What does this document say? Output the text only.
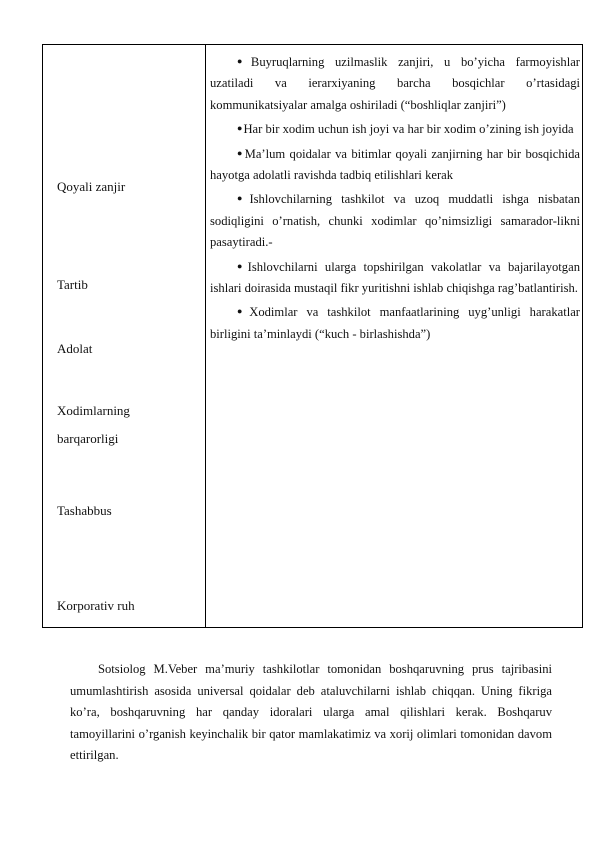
Qoyali zanjir
Tartib
Adolat
Xodimlarning
barqarorligi
Tashabbus
Korporativ ruh

●Buyruqlarning uzilmaslik zanjiri, u bo’yicha farmoyishlar uzatiladi va ierarxiyaning barcha bosqichlar o’rtasidagi kommunikatsiyalar amalga oshiriladi (“boshliqlar zanjiri”)

●Har bir xodim uchun ish joyi va har bir xodim o’zining ish joyida

●Ma’lum qoidalar va bitimlar qoyali zanjirning har bir bosqichida hayotga adolatli ravishda tadbiq etilishlari kerak

●Ishlovchilarning tashkilot va uzoq muddatli ishga nisbatan sodiqligini o’rnatish, chunki xodimlar qo’nimsizligi samarador-likni pasaytiradi.-

●Ishlovchilarni ularga topshirilgan vakolatlar va bajarilayotgan ishlari doirasida mustaqil fikr yuritishni ishlab chiqishga rag’batlantirish.

●Xodimlar va tashkilot manfaatlarining uyg’unligi harakatlar birligini ta’minlaydi (“kuch - birlashishda”)

Sotsiolog M.Veber ma’muriy tashkilotlar tomonidan boshqaruvning prus tajribasini umumlashtirish asosida universal qoidalar deb ataluvchilarni ishlab chiqqan. Uning fikriga ko’ra, boshqaruvning har qanday idoralari ularga amal qilishlari kerak. Boshqaruv tamoyillarini o’rganish keyinchalik bir qator mamlakatimiz va xorij olimlari tomonidan davom ettirilgan.
